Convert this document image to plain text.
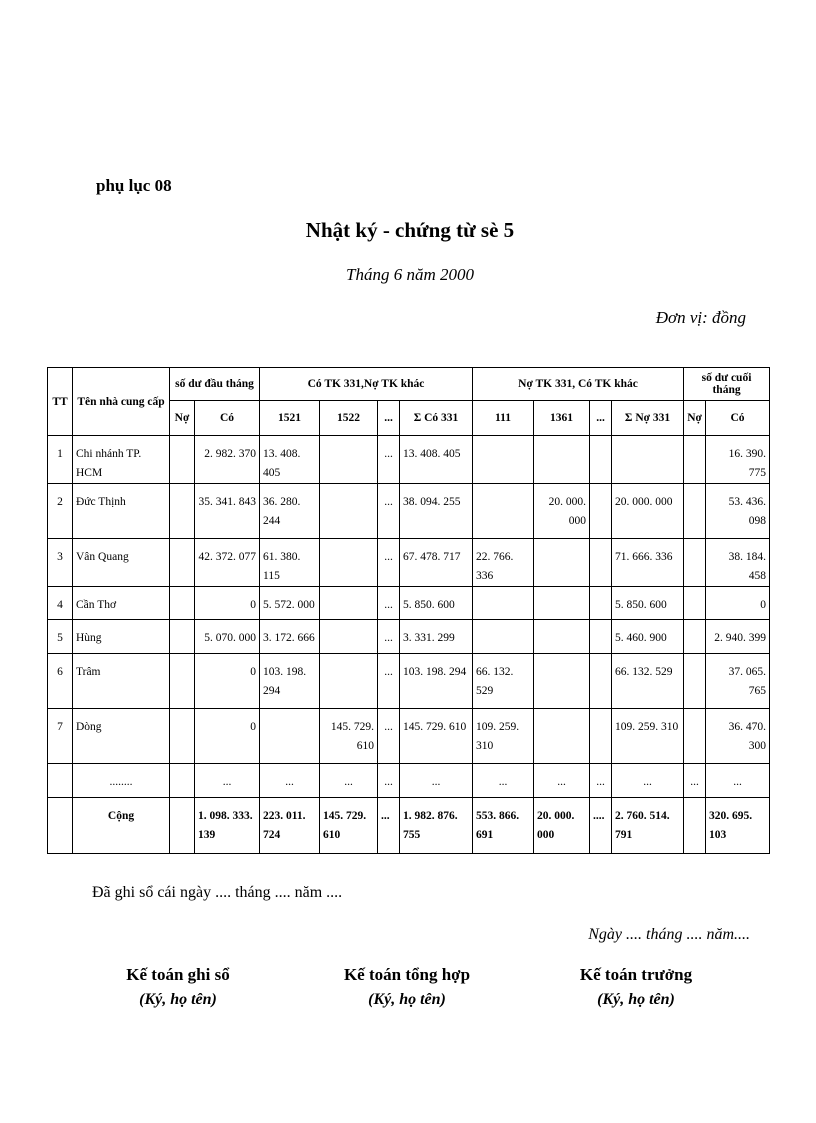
phụ lục 08
Nhật ký - chứng từ sè 5
Tháng 6 năm 2000
Đơn vị: đồng
TT	Tên nhà cung cấp	số dư đầu tháng		Có TK 331,Nợ TK khác				Nợ TK 331, Có TK khác				số dư cuối tháng	
		Nợ	Có	1521	1522	...	Σ Có 331	111	1361	...	Σ Nợ 331	Nợ	Có
1	Chi nhánh TP. HCM		2. 982. 370	13. 408. 405		...	13. 408. 405						16. 390. 775
2	Đức Thịnh		35. 341. 843	36. 280. 244		...	38. 094. 255		20. 000. 000		20. 000. 000		53. 436. 098
3	Vân Quang		42. 372. 077	61. 380. 115		...	67. 478. 717	22. 766. 336			71. 666. 336		38. 184. 458
4	Cần Thơ		0	5. 572. 000		...	5. 850. 600				5. 850. 600		0
5	Hùng		5. 070. 000	3. 172. 666		...	3. 331. 299				5. 460. 900		2. 940. 399
6	Trâm		0	103. 198. 294		...	103. 198. 294	66. 132. 529			66. 132. 529		37. 065. 765
7	Dòng		0		145. 729. 610	...	145. 729. 610	109. 259. 310			109. 259. 310		36. 470. 300
	........		...	...	...	...	...	...	...	...	...	...	...
	Cộng		1. 098. 333. 139	223. 011. 724	145. 729. 610	...	1. 982. 876. 755	553. 866. 691	20. 000. 000	....	2. 760. 514. 791		320. 695. 103
Đã ghi sổ cái ngày .... tháng .... năm ....
Ngày .... tháng .... năm....
Kế toán ghi sổ
(Ký, họ tên)
Kế toán tổng hợp
(Ký, họ tên)
Kế toán trưởng
(Ký, họ tên)
